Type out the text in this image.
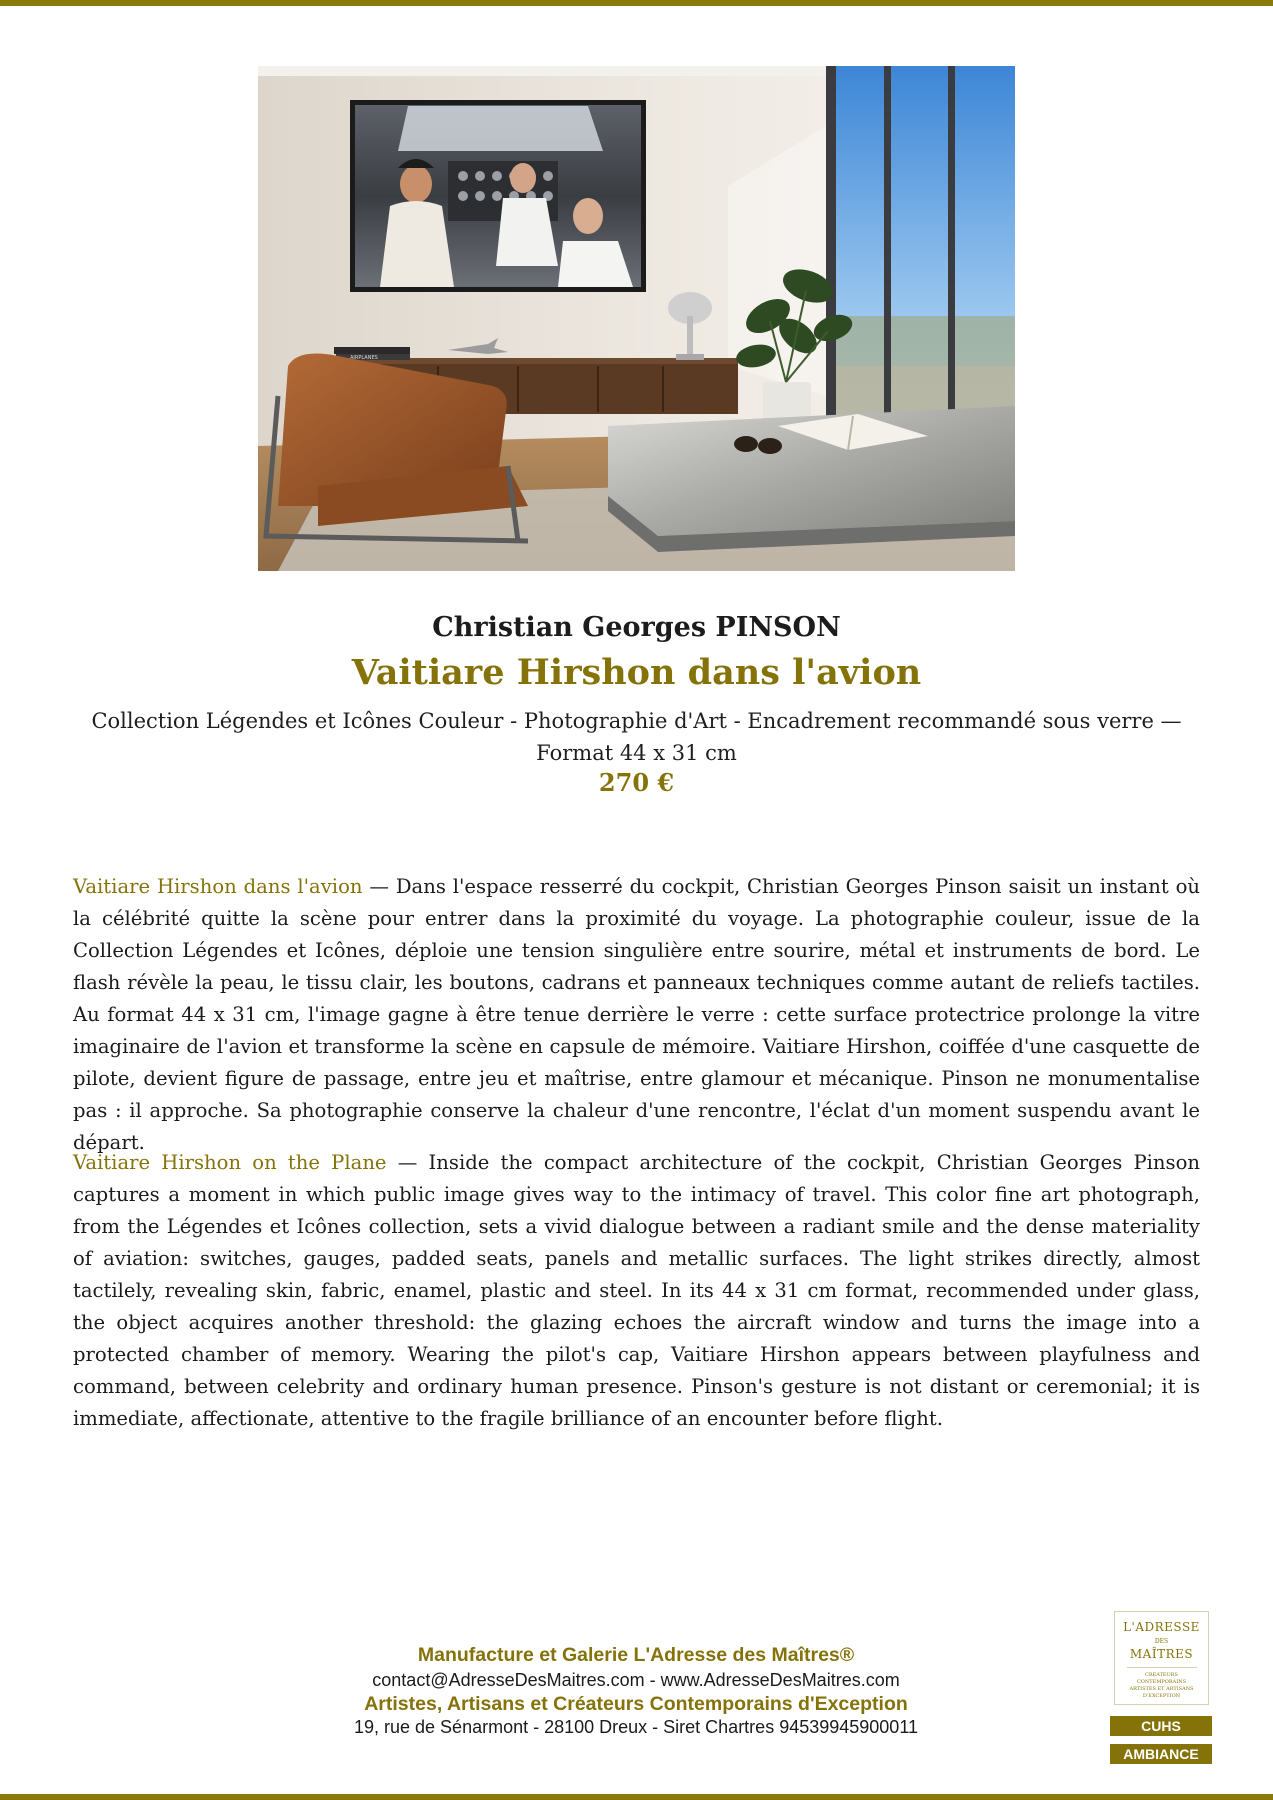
AIRPLANES
Christian Georges PINSON
Vaitiare Hirshon dans l'avion
Collection Légendes et Icônes Couleur - Photographie d'Art - Encadrement recommandé sous verre — Format 44 x 31 cm
270 €

Vaitiare Hirshon dans l'avion — Dans l'espace resserré du cockpit, Christian Georges Pinson saisit un instant où la célébrité quitte la scène pour entrer dans la proximité du voyage. La photographie couleur, issue de la Collection Légendes et Icônes, déploie une tension singulière entre sourire, métal et instruments de bord. Le flash révèle la peau, le tissu clair, les boutons, cadrans et panneaux techniques comme autant de reliefs tactiles. Au format 44 x 31 cm, l'image gagne à être tenue derrière le verre : cette surface protectrice prolonge la vitre imaginaire de l'avion et transforme la scène en capsule de mémoire. Vaitiare Hirshon, coiffée d'une casquette de pilote, devient figure de passage, entre jeu et maîtrise, entre glamour et mécanique. Pinson ne monumentalise pas : il approche. Sa photographie conserve la chaleur d'une rencontre, l'éclat d'un moment suspendu avant le départ.

Vaitiare Hirshon on the Plane — Inside the compact architecture of the cockpit, Christian Georges Pinson captures a moment in which public image gives way to the intimacy of travel. This color fine art photograph, from the Légendes et Icônes collection, sets a vivid dialogue between a radiant smile and the dense materiality of aviation: switches, gauges, padded seats, panels and metallic surfaces. The light strikes directly, almost tactilely, revealing skin, fabric, enamel, plastic and steel. In its 44 x 31 cm format, recommended under glass, the object acquires another threshold: the glazing echoes the aircraft window and turns the image into a protected chamber of memory. Wearing the pilot's cap, Vaitiare Hirshon appears between playfulness and command, between celebrity and ordinary human presence. Pinson's gesture is not distant or ceremonial; it is immediate, affectionate, attentive to the fragile brilliance of an encounter before flight.

Manufacture et Galerie L'Adresse des Maîtres®
contact@AdresseDesMaitres.com - www.AdresseDesMaitres.com
Artistes, Artisans et Créateurs Contemporains d'Exception
19, rue de Sénarmont - 28100 Dreux - Siret Chartres 94539945900011
L'ADRESSE
DES
MAÎTRES
CRÉATEURS CONTEMPORAINS ARTISTES ET ARTISANS D'EXCEPTION
CUHS
AMBIANCE
